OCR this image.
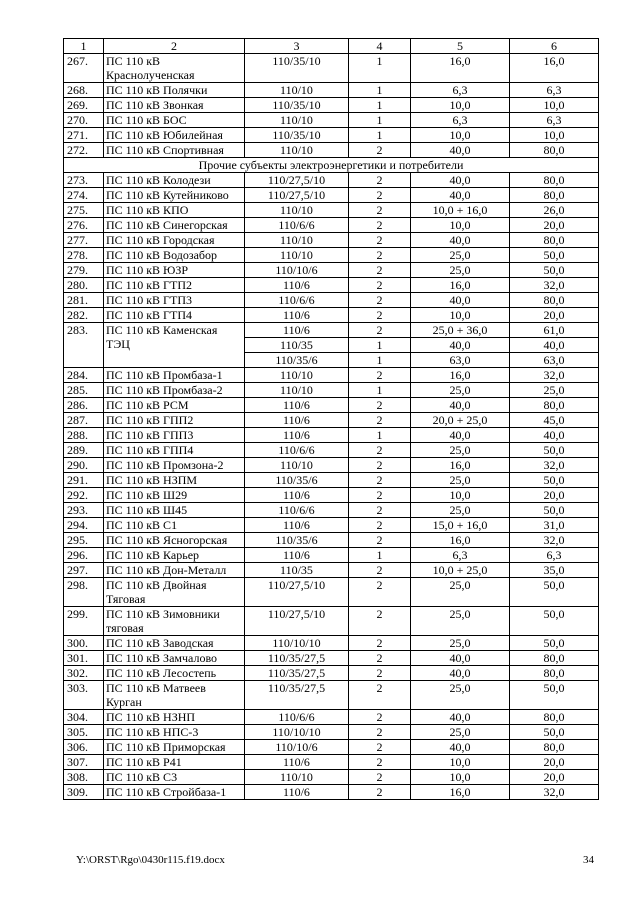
1	2	3	4	5	6
267.	ПС 110 кВ Краснолученская	110/35/10	1	16,0	16,0
268.	ПС 110 кВ Полячки	110/10	1	6,3	6,3
269.	ПС 110 кВ Звонкая	110/35/10	1	10,0	10,0
270.	ПС 110 кВ БОС	110/10	1	6,3	6,3
271.	ПС 110 кВ Юбилейная	110/35/10	1	10,0	10,0
272.	ПС 110 кВ Спортивная	110/10	2	40,0	80,0
Прочие субъекты электроэнергетики и потребители					
273.	ПС 110 кВ Колодези	110/27,5/10	2	40,0	80,0
274.	ПС 110 кВ Кутейниково	110/27,5/10	2	40,0	80,0
275.	ПС 110 кВ КПО	110/10	2	10,0 + 16,0	26,0
276.	ПС 110 кВ Синегорская	110/6/6	2	10,0	20,0
277.	ПС 110 кВ Городская	110/10	2	40,0	80,0
278.	ПС 110 кВ Водозабор	110/10	2	25,0	50,0
279.	ПС 110 кВ ЮЗР	110/10/6	2	25,0	50,0
280.	ПС 110 кВ ГТП2	110/6	2	16,0	32,0
281.	ПС 110 кВ ГТП3	110/6/6	2	40,0	80,0
282.	ПС 110 кВ ГТП4	110/6	2	10,0	20,0
283.	ПС 110 кВ Каменская ТЭЦ	110/6	2	25,0 + 36,0	61,0
		110/35	1	40,0	40,0
		110/35/6	1	63,0	63,0
284.	ПС 110 кВ Промбаза-1	110/10	2	16,0	32,0
285.	ПС 110 кВ Промбаза-2	110/10	1	25,0	25,0
286.	ПС 110 кВ РСМ	110/6	2	40,0	80,0
287.	ПС 110 кВ ГПП2	110/6	2	20,0 + 25,0	45,0
288.	ПС 110 кВ ГПП3	110/6	1	40,0	40,0
289.	ПС 110 кВ ГПП4	110/6/6	2	25,0	50,0
290.	ПС 110 кВ Промзона-2	110/10	2	16,0	32,0
291.	ПС 110 кВ НЗПМ	110/35/6	2	25,0	50,0
292.	ПС 110 кВ Ш29	110/6	2	10,0	20,0
293.	ПС 110 кВ Ш45	110/6/6	2	25,0	50,0
294.	ПС 110 кВ С1	110/6	2	15,0 + 16,0	31,0
295.	ПС 110 кВ Ясногорская	110/35/6	2	16,0	32,0
296.	ПС 110 кВ Карьер	110/6	1	6,3	6,3
297.	ПС 110 кВ Дон-Металл	110/35	2	10,0 + 25,0	35,0
298.	ПС 110 кВ Двойная Тяговая	110/27,5/10	2	25,0	50,0
299.	ПС 110 кВ Зимовники тяговая	110/27,5/10	2	25,0	50,0
300.	ПС 110 кВ Заводская	110/10/10	2	25,0	50,0
301.	ПС 110 кВ Замчалово	110/35/27,5	2	40,0	80,0
302.	ПС 110 кВ Лесостепь	110/35/27,5	2	40,0	80,0
303.	ПС 110 кВ Матвеев Курган	110/35/27,5	2	25,0	50,0
304.	ПС 110 кВ НЗНП	110/6/6	2	40,0	80,0
305.	ПС 110 кВ НПС-3	110/10/10	2	25,0	50,0
306.	ПС 110 кВ Приморская	110/10/6	2	40,0	80,0
307.	ПС 110 кВ Р41	110/6	2	10,0	20,0
308.	ПС 110 кВ С3	110/10	2	10,0	20,0
309.	ПС 110 кВ Стройбаза-1	110/6	2	16,0	32,0
Y:\ORST\Rgo\0430r115.f19.docx	34
